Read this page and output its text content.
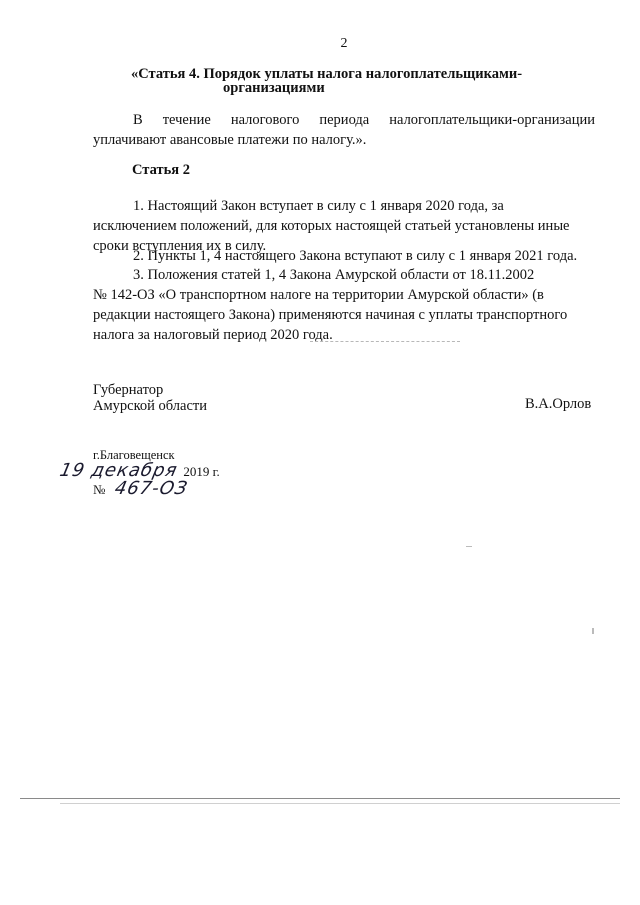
2
«Статья 4. Порядок уплаты налога налогоплательщиками-
организациями
В течение налогового периода налогоплательщики-организации
уплачивают авансовые платежи по налогу.».
Статья 2
1. Настоящий Закон вступает в силу с 1 января 2020 года, за
исключением положений, для которых настоящей статьей установлены иные
сроки вступления их в силу.
2. Пункты 1, 4 настоящего Закона вступают в силу с 1 января 2021 года.
3. Положения статей 1, 4 Закона Амурской области от 18.11.2002
№ 142-ОЗ «О транспортном налоге на территории Амурской области» (в
редакции настоящего Закона) применяются начиная с уплаты транспортного
налога за налоговый период 2020 года.
Губернатор
Амурской области	В.А.Орлов
г.Благовещенск
19 декабря 2019 г.
№ 467-ОЗ
